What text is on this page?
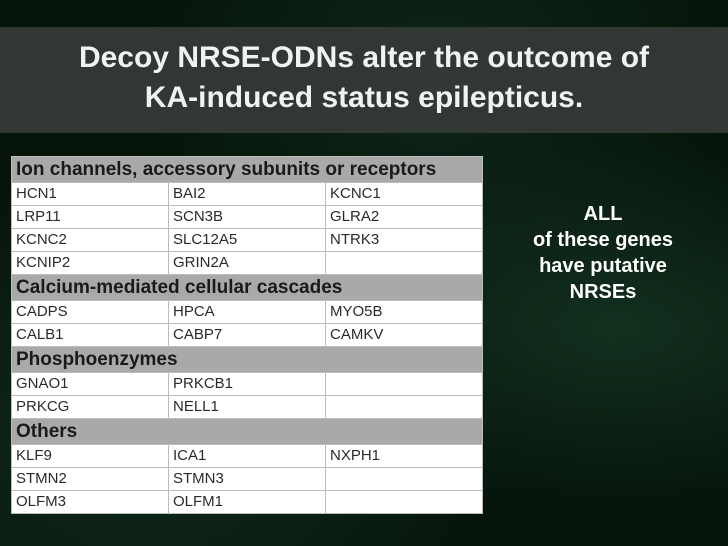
Decoy NRSE-ODNs alter the outcome of
KA-induced status epilepticus.
Ion channels, accessory subunits or receptors		
HCN1	BAI2	KCNC1
LRP11	SCN3B	GLRA2
KCNC2	SLC12A5	NTRK3
KCNIP2	GRIN2A	
Calcium-mediated cellular cascades		
CADPS	HPCA	MYO5B
CALB1	CABP7	CAMKV
Phosphoenzymes		
GNAO1	PRKCB1	
PRKCG	NELL1	
Others		
KLF9	ICA1	NXPH1
STMN2	STMN3	
OLFM3	OLFM1	
ALL
of these genes
have putative
NRSEs
